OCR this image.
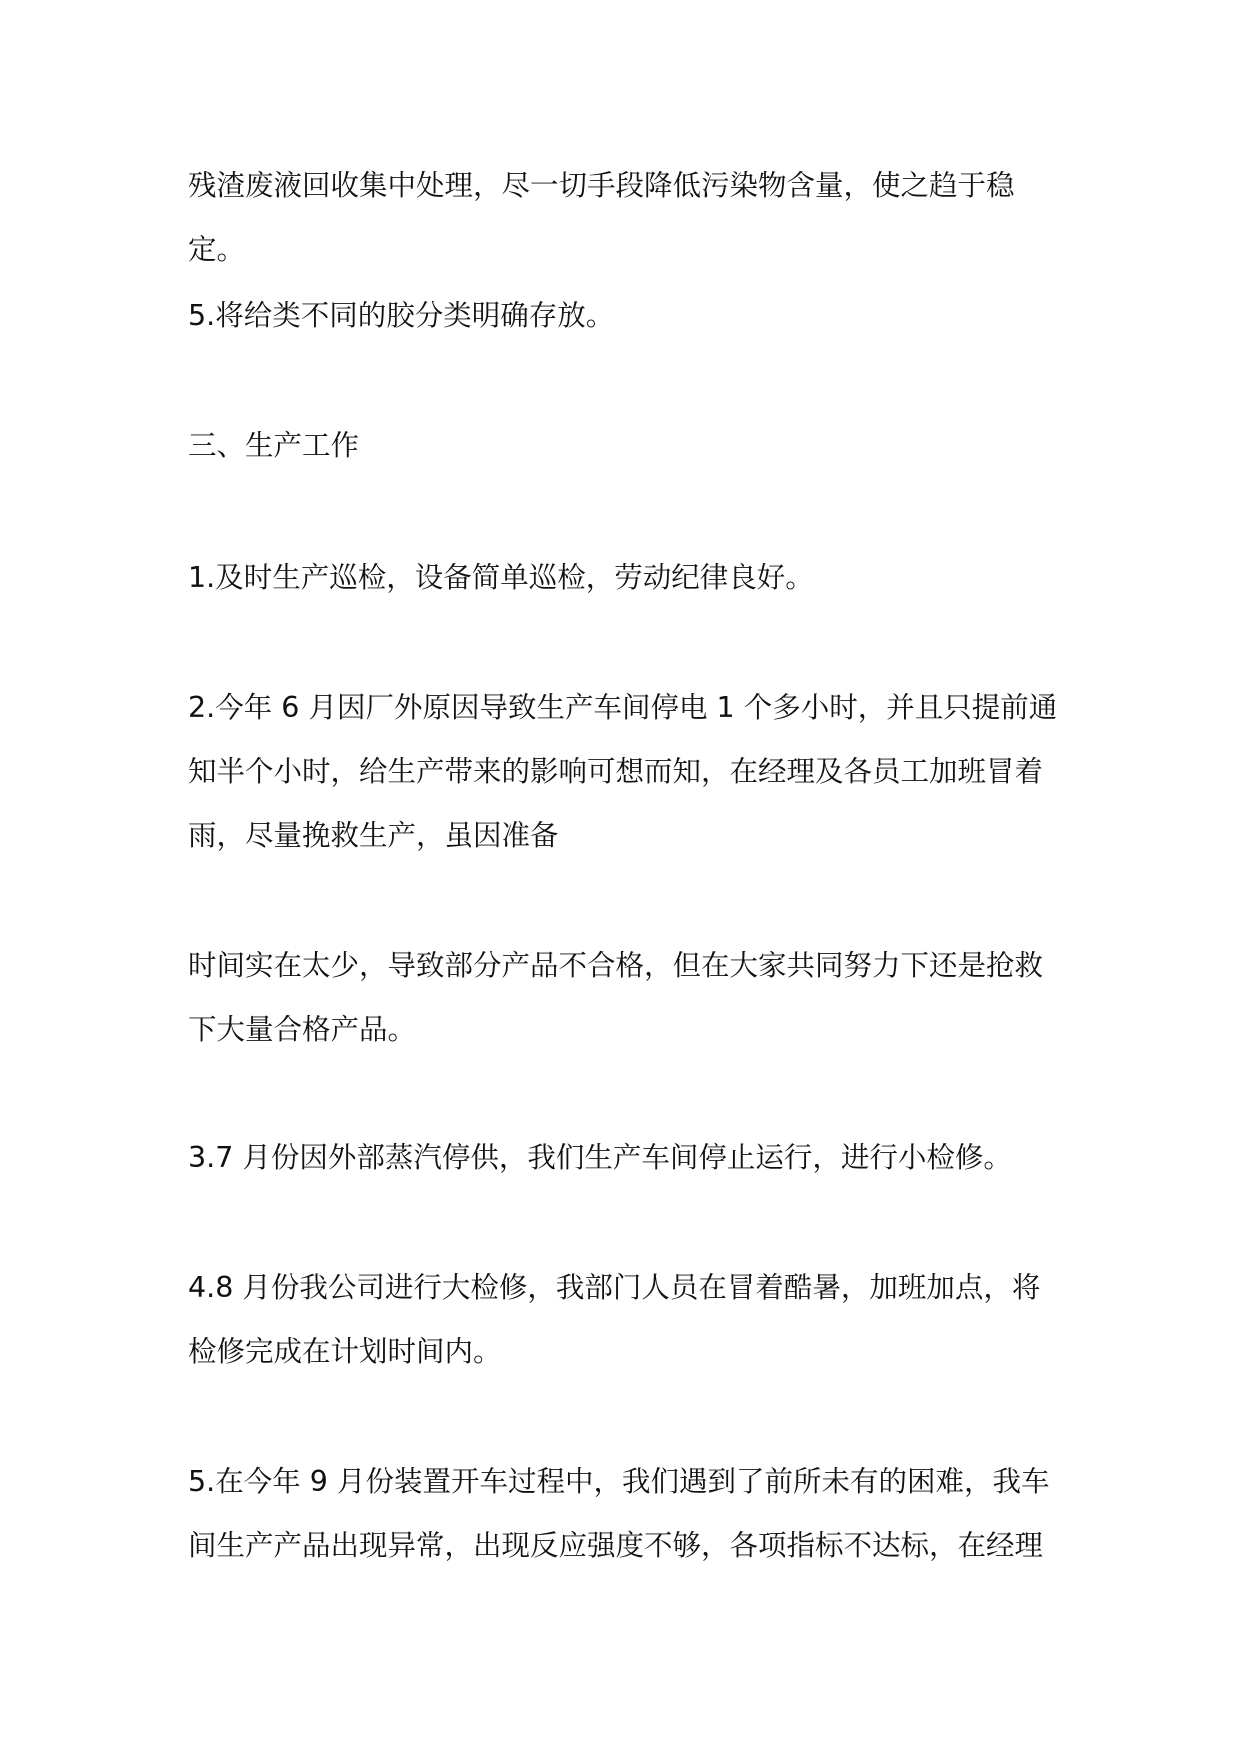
残渣废液回收集中处理，尽一切手段降低污染物含量，使之趋于稳定。

5.将给类不同的胶分类明确存放。

三、生产工作

1.及时生产巡检，设备简单巡检，劳动纪律良好。

2.今年 6 月因厂外原因导致生产车间停电 1 个多小时，并且只提前通知半个小时，给生产带来的影响可想而知，在经理及各员工加班冒着雨，尽量挽救生产，虽因准备

时间实在太少，导致部分产品不合格，但在大家共同努力下还是抢救下大量合格产品。

3.7 月份因外部蒸汽停供，我们生产车间停止运行，进行小检修。

4.8 月份我公司进行大检修，我部门人员在冒着酷暑，加班加点，将检修完成在计划时间内。

5.在今年 9 月份装置开车过程中，我们遇到了前所未有的困难，我车间生产产品出现异常，出现反应强度不够，各项指标不达标，在经理
